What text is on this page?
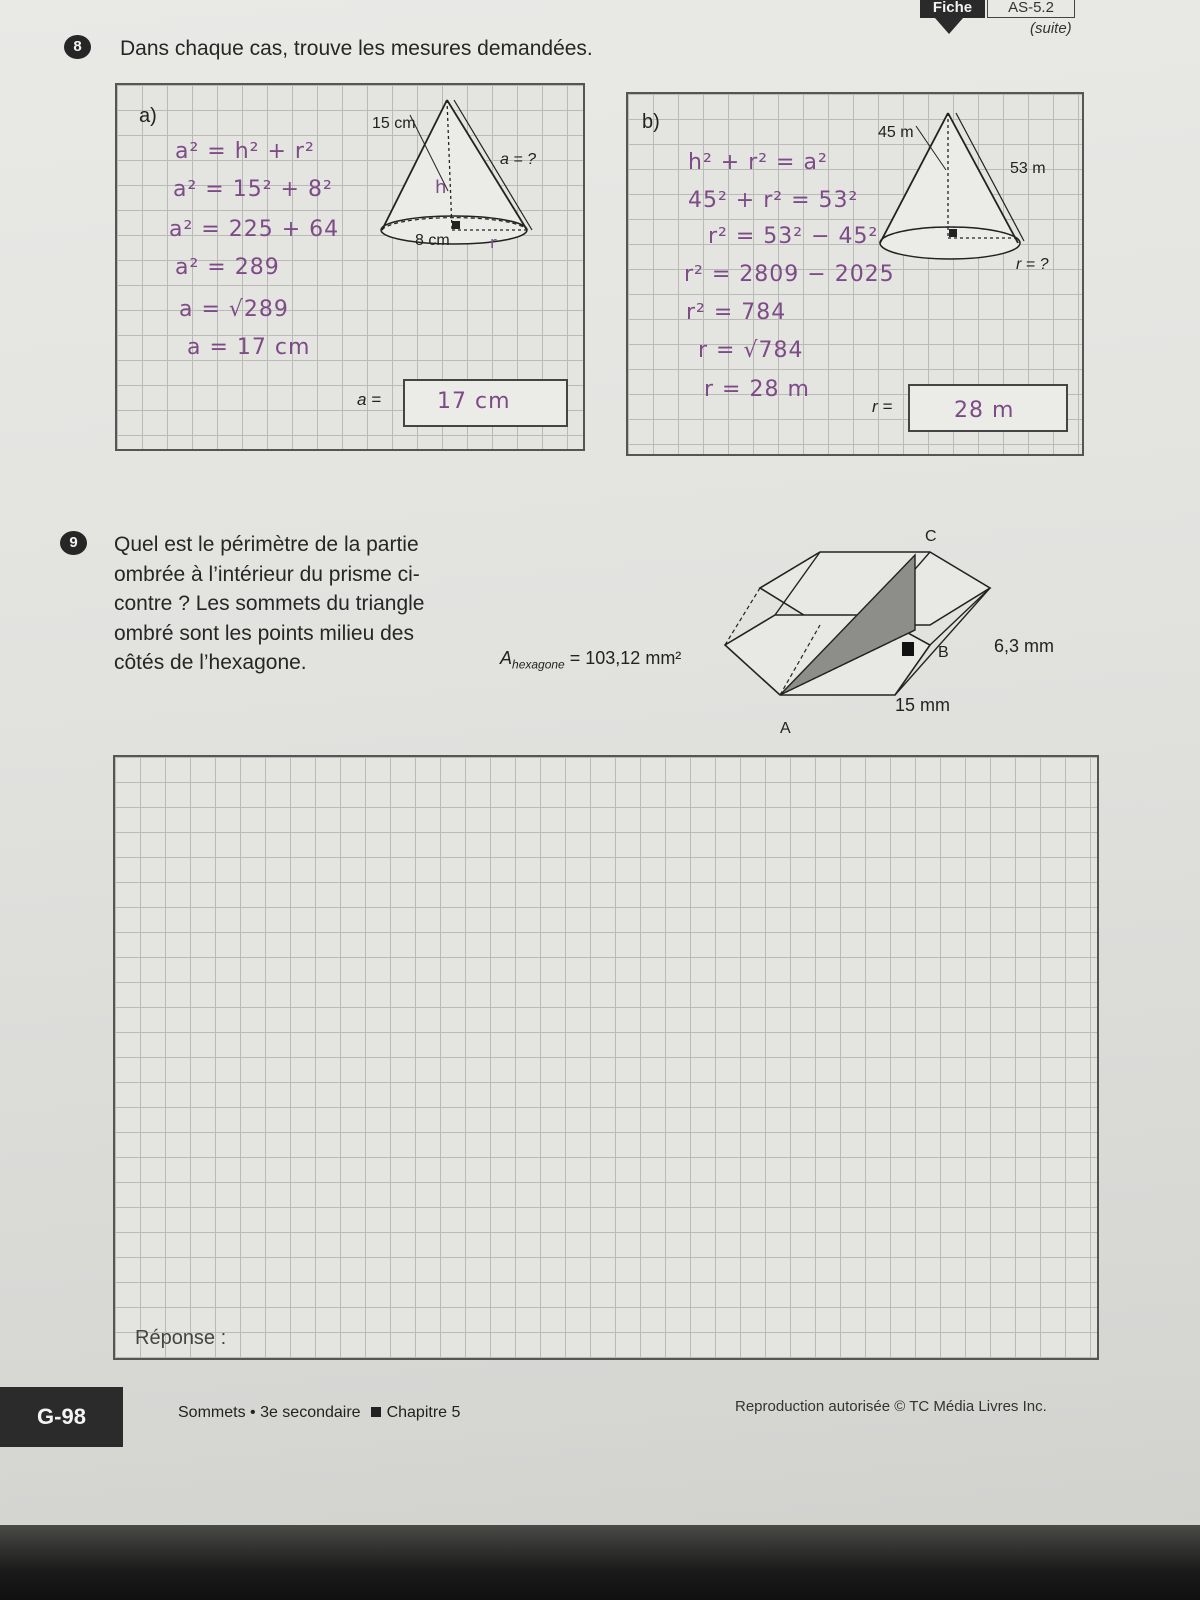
Fiche	AS-5.2
(suite)
8	Dans chaque cas, trouve les mesures demandées.
a)
a² = h² + r²
a² = 15² + 8²
a² = 225 + 64
a² = 289
a = √289
a = 17 cm
15 cm
a = ?
8 cm
h
r
a =	17 cm
b)
h² + r² = a²
45² + r² = 53²
r² = 53² − 45²
r² = 2809 − 2025
r² = 784
r = √784
r = 28 m
45 m
53 m
r = ?
r =	28 m
9	Quel est le périmètre de la partie ombrée à l’intérieur du prisme ci-contre ? Les sommets du triangle ombré sont les points milieu des côtés de l’hexagone.	$A_{hexagone} = 103,12$ mm²
C
B
A
6,3 mm
15 mm
Réponse :
G-98	Sommets • 3e secondaire Chapitre 5	Reproduction autorisée © TC Média Livres Inc.
